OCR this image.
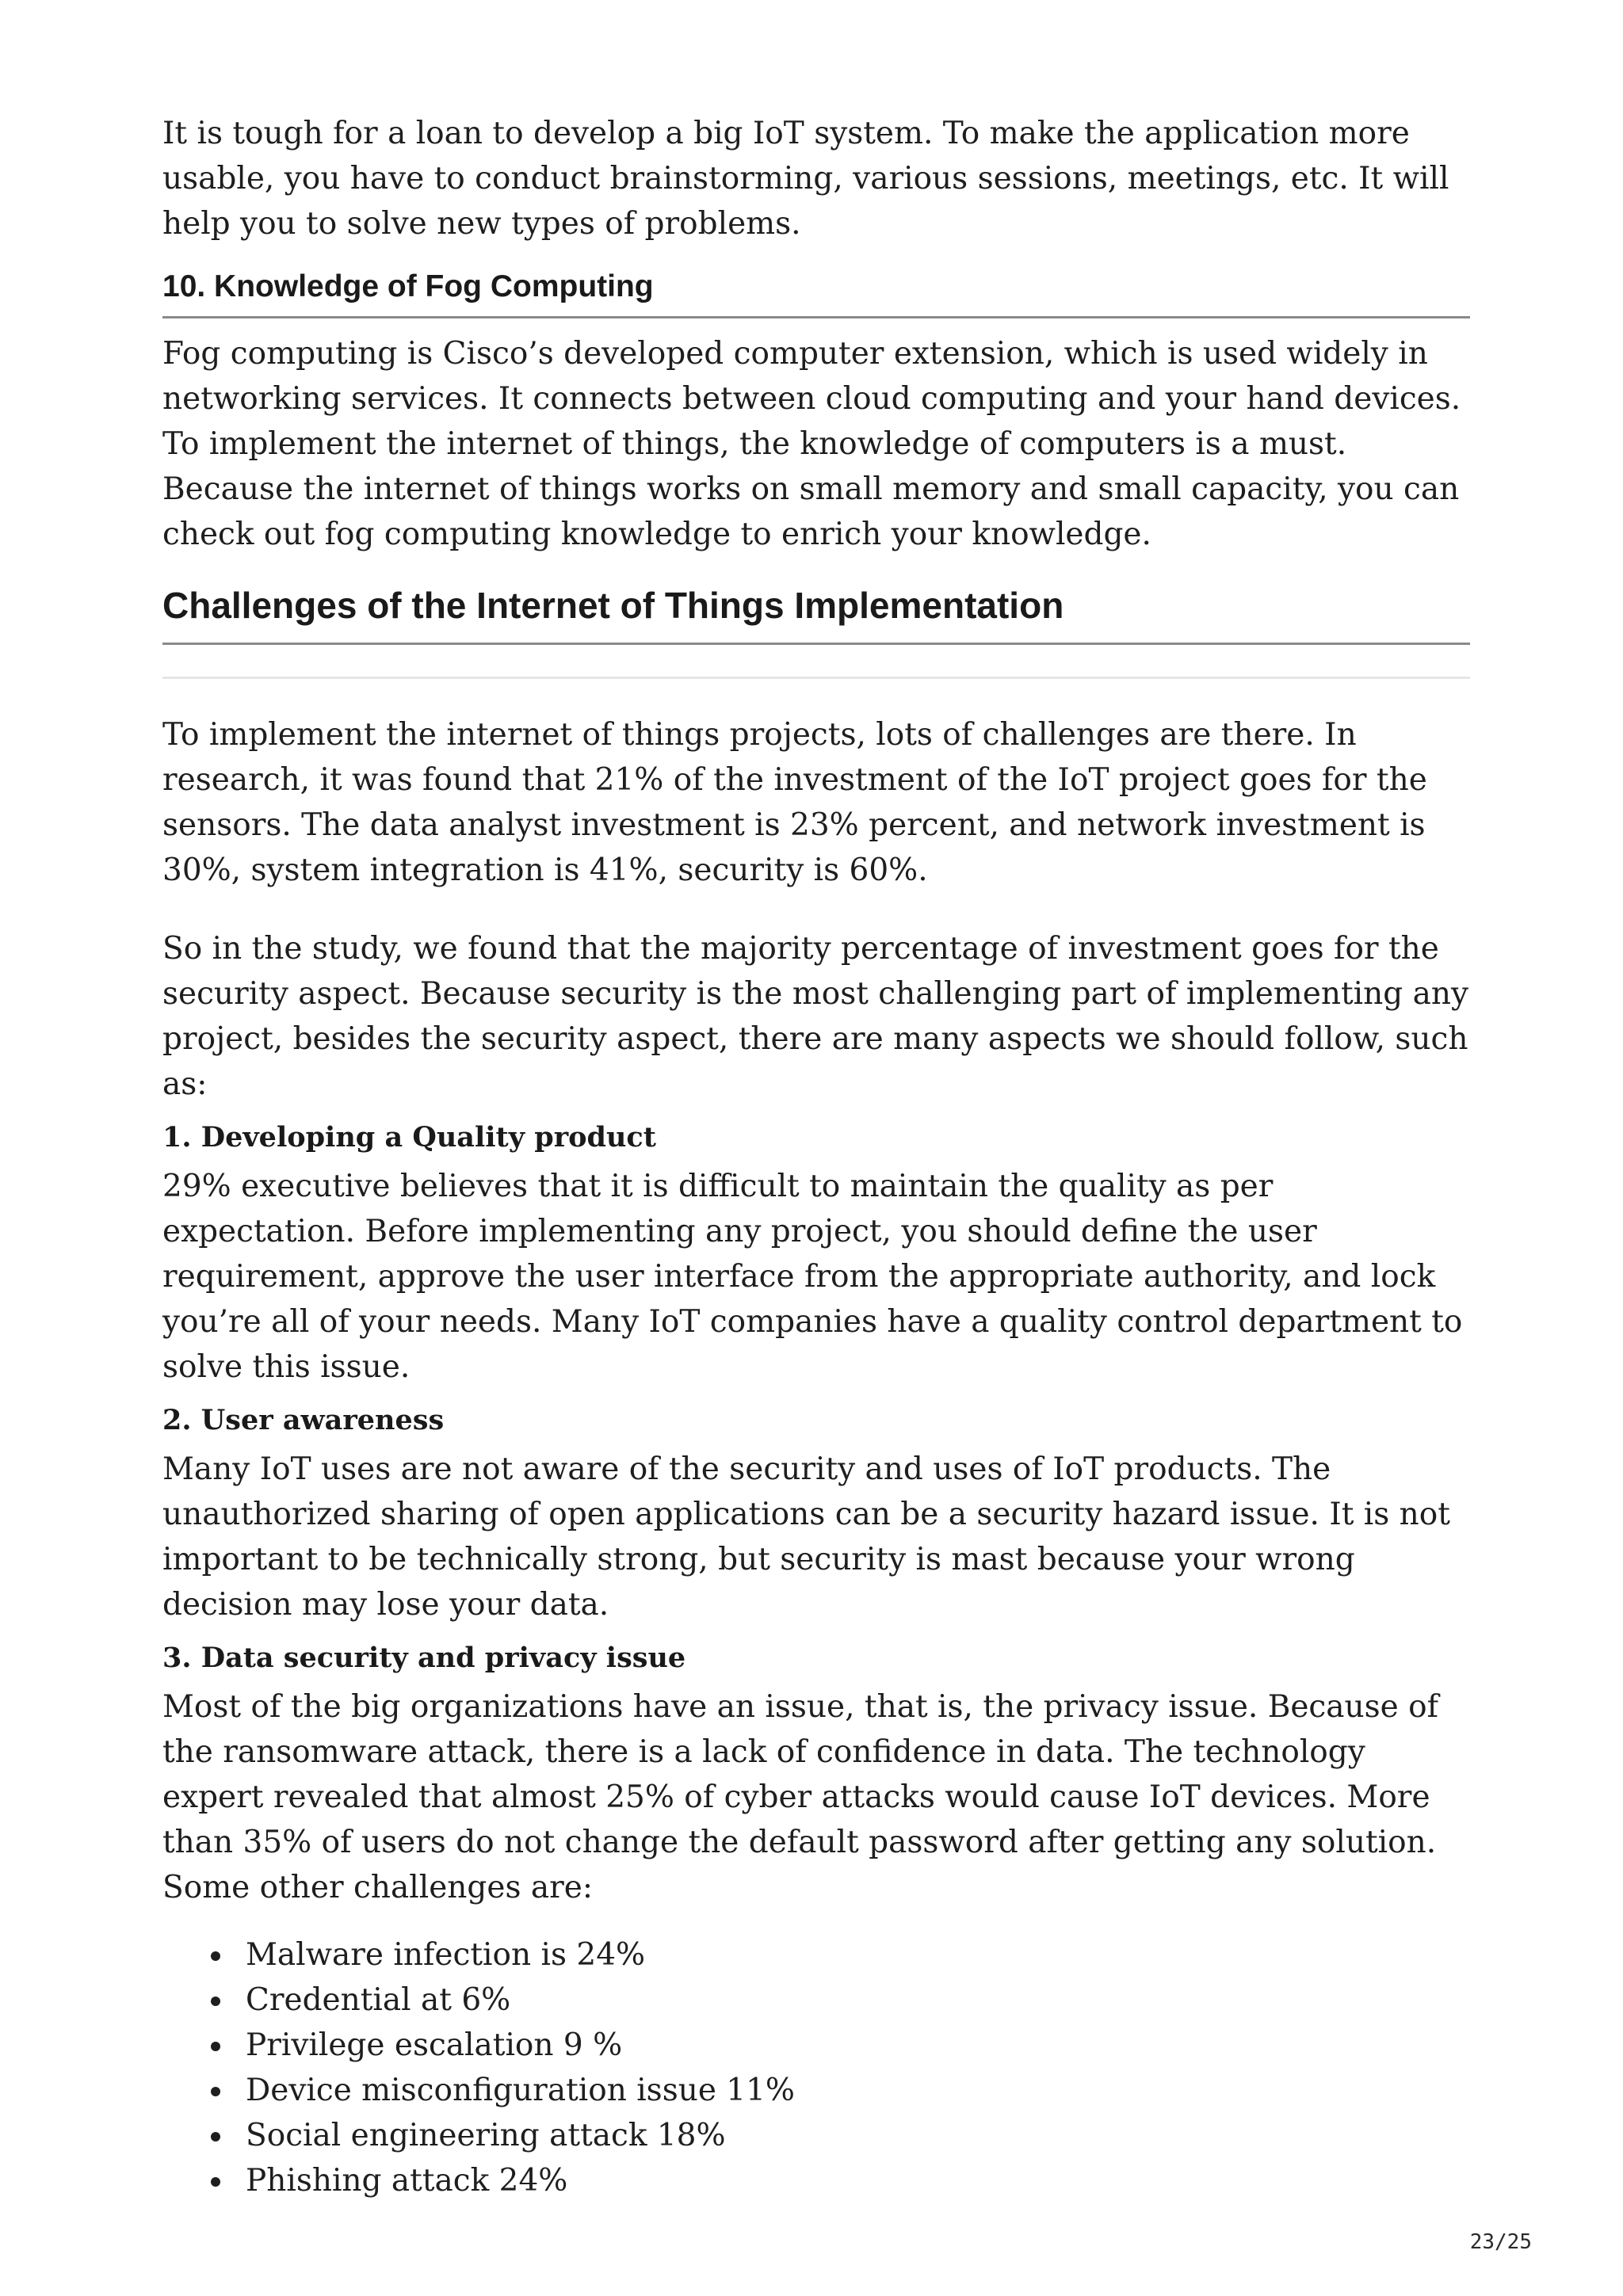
It is tough for a loan to develop a big IoT system. To make the application more usable, you have to conduct brainstorming, various sessions, meetings, etc. It will help you to solve new types of problems.

10. Knowledge of Fog Computing

Fog computing is Cisco’s developed computer extension, which is used widely in networking services. It connects between cloud computing and your hand devices. To implement the internet of things, the knowledge of computers is a must. Because the internet of things works on small memory and small capacity, you can check out fog computing knowledge to enrich your knowledge.

Challenges of the Internet of Things Implementation

To implement the internet of things projects, lots of challenges are there. In research, it was found that 21% of the investment of the IoT project goes for the sensors. The data analyst investment is 23% percent, and network investment is 30%, system integration is 41%, security is 60%.

So in the study, we found that the majority percentage of investment goes for the security aspect. Because security is the most challenging part of implementing any project, besides the security aspect, there are many aspects we should follow, such as:

1. Developing a Quality product

29% executive believes that it is difficult to maintain the quality as per expectation. Before implementing any project, you should define the user requirement, approve the user interface from the appropriate authority, and lock you’re all of your needs. Many IoT companies have a quality control department to solve this issue.

2. User awareness

Many IoT uses are not aware of the security and uses of IoT products. The unauthorized sharing of open applications can be a security hazard issue. It is not important to be technically strong, but security is mast because your wrong decision may lose your data.

3. Data security and privacy issue

Most of the big organizations have an issue, that is, the privacy issue. Because of the ransomware attack, there is a lack of confidence in data. The technology expert revealed that almost 25% of cyber attacks would cause IoT devices. More than 35% of users do not change the default password after getting any solution.

Some other challenges are:

Malware infection is 24%
Credential at 6%
Privilege escalation 9 %
Device misconfiguration issue 11%
Social engineering attack 18%
Phishing attack 24%
23/25
